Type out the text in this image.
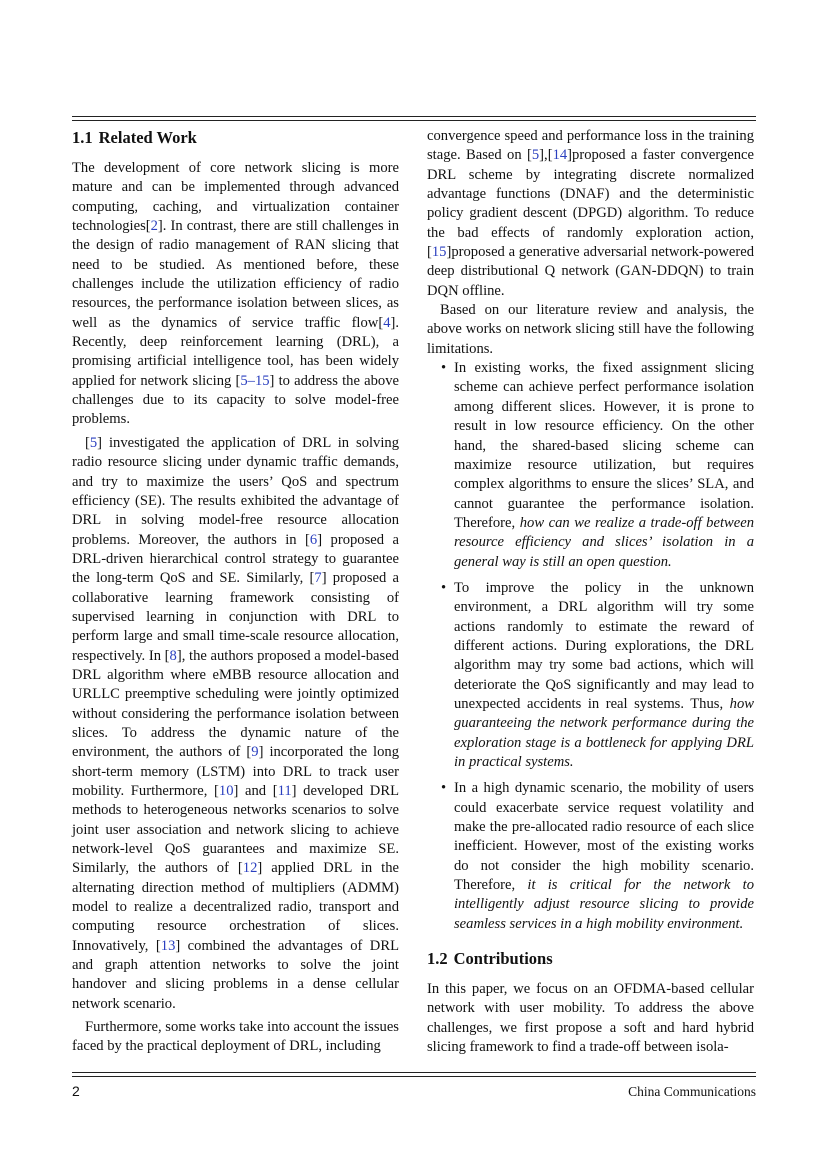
1.1 Related Work

The development of core network slicing is more mature and can be implemented through advanced computing, caching, and virtualization container technologies[2]. In contrast, there are still challenges in the design of radio management of RAN slicing that need to be studied. As mentioned before, these challenges include the utilization efficiency of radio resources, the performance isolation between slices, as well as the dynamics of service traffic flow[4]. Recently, deep reinforcement learning (DRL), a promising artificial intelligence tool, has been widely applied for network slicing [5–15] to address the above challenges due to its capacity to solve model-free problems.

[5] investigated the application of DRL in solving radio resource slicing under dynamic traffic demands, and try to maximize the users’ QoS and spectrum efficiency (SE). The results exhibited the advantage of DRL in solving model-free resource allocation problems. Moreover, the authors in [6] proposed a DRL-driven hierarchical control strategy to guarantee the long-term QoS and SE. Similarly, [7] proposed a collaborative learning framework consisting of supervised learning in conjunction with DRL to perform large and small time-scale resource allocation, respectively. In [8], the authors proposed a model-based DRL algorithm where eMBB resource allocation and URLLC preemptive scheduling were jointly optimized without considering the performance isolation between slices. To address the dynamic nature of the environment, the authors of [9] incorporated the long short-term memory (LSTM) into DRL to track user mobility. Furthermore, [10] and [11] developed DRL methods to heterogeneous networks scenarios to solve joint user association and network slicing to achieve network-level QoS guarantees and maximize SE. Similarly, the authors of [12] applied DRL in the alternating direction method of multipliers (ADMM) model to realize a decentralized radio, transport and computing resource orchestration of slices. Innovatively, [13] combined the advantages of DRL and graph attention networks to solve the joint handover and slicing problems in a dense cellular network scenario.

Furthermore, some works take into account the issues faced by the practical deployment of DRL, including

convergence speed and performance loss in the training stage. Based on [5],[14]proposed a faster convergence DRL scheme by integrating discrete normalized advantage functions (DNAF) and the deterministic policy gradient descent (DPGD) algorithm. To reduce the bad effects of randomly exploration action, [15]proposed a generative adversarial network-powered deep distributional Q network (GAN-DDQN) to train DQN offline.

Based on our literature review and analysis, the above works on network slicing still have the following limitations.

• In existing works, the fixed assignment slicing scheme can achieve perfect performance isolation among different slices. However, it is prone to result in low resource efficiency. On the other hand, the shared-based slicing scheme can maximize resource utilization, but requires complex algorithms to ensure the slices’ SLA, and cannot guarantee the performance isolation. Therefore, how can we realize a trade-off between resource efficiency and slices’ isolation in a general way is still an open question.
• To improve the policy in the unknown environment, a DRL algorithm will try some actions randomly to estimate the reward of different actions. During explorations, the DRL algorithm may try some bad actions, which will deteriorate the QoS significantly and may lead to unexpected accidents in real systems. Thus, how guaranteeing the network performance during the exploration stage is a bottleneck for applying DRL in practical systems.
• In a high dynamic scenario, the mobility of users could exacerbate service request volatility and make the pre-allocated radio resource of each slice inefficient. However, most of the existing works do not consider the high mobility scenario. Therefore, it is critical for the network to intelligently adjust resource slicing to provide seamless services in a high mobility environment.
1.2 Contributions

In this paper, we focus on an OFDMA-based cellular network with user mobility. To address the above challenges, we first propose a soft and hard hybrid slicing framework to find a trade-off between isola-

2	China Communications
